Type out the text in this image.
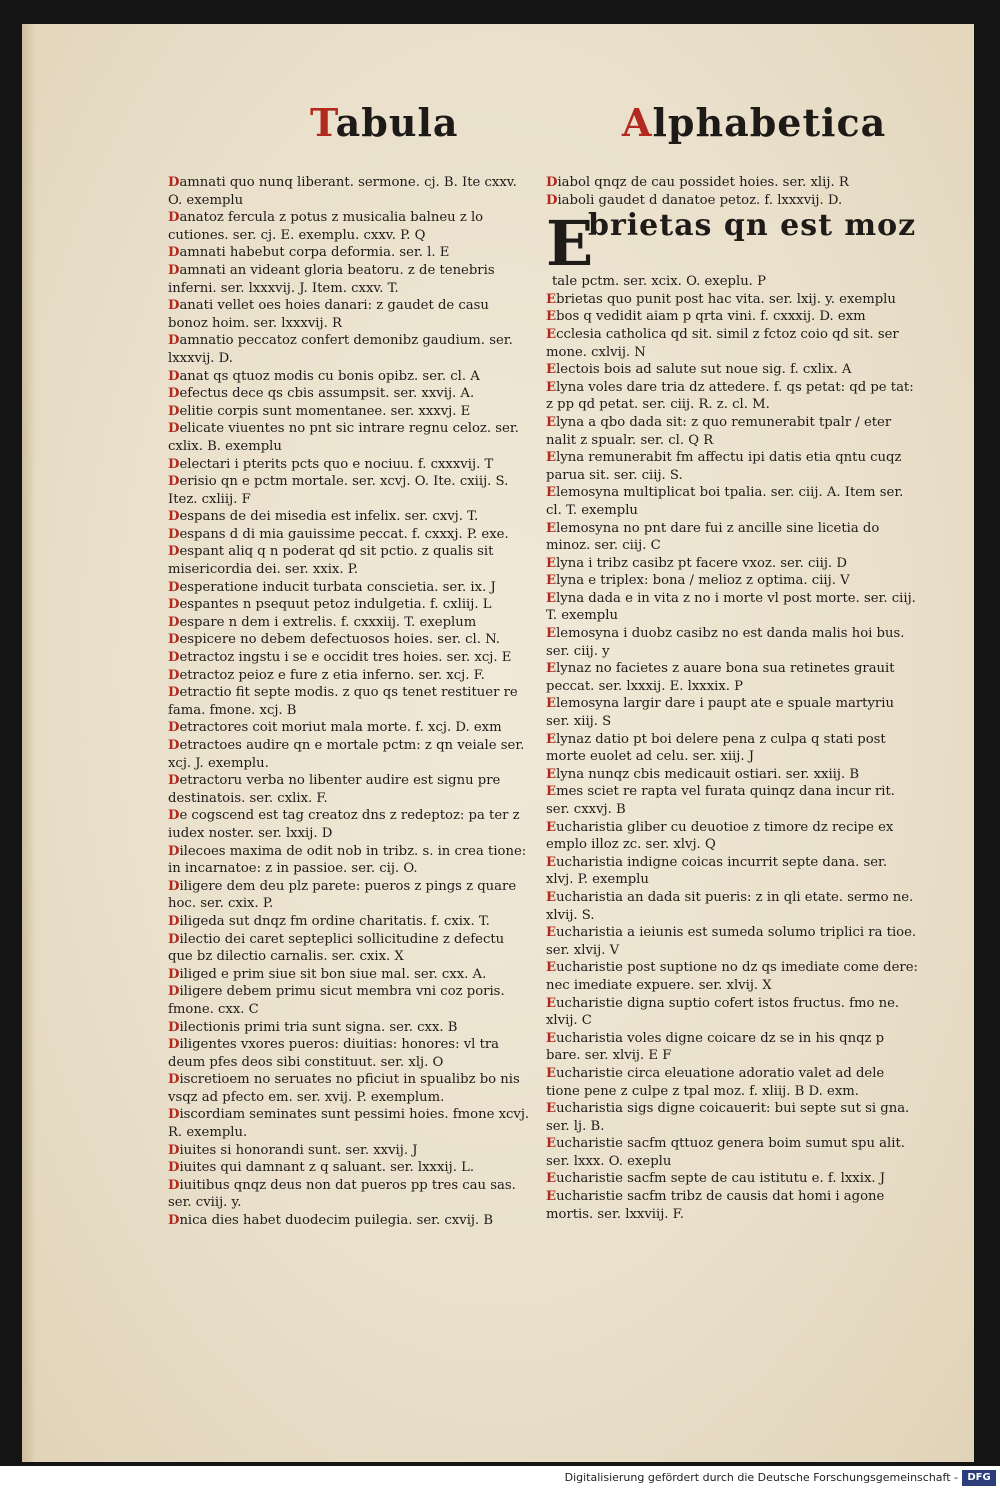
Tabula	Alphabetica
Damnati quo nunq liberant. sermone. cj. B. Ite cxxv. O. exemplu
Danatoz fercula z potus z musicalia balneu z lo cutiones. ser. cj. E. exemplu. cxxv. P. Q
Damnati habebut corpa deformia. ser. l. E
Damnati an videant gloria beatoru. z de tenebris inferni. ser. lxxxvij. J. Item. cxxv. T.
Danati vellet oes hoies danari: z gaudet de casu bonoz hoim. ser. lxxxvij. R
Damnatio peccatoz confert demonibz gaudium. ser. lxxxvij. D.
Danat qs qtuoz modis cu bonis opibz. ser. cl. A
Defectus dece qs cbis assumpsit. ser. xxvij. A.
Delitie corpis sunt momentanee. ser. xxxvj. E
Delicate viuentes no pnt sic intrare regnu celoz. ser. cxlix. B. exemplu
Delectari i pterits pcts quo e nociuu. f. cxxxvij. T
Derisio qn e pctm mortale. ser. xcvj. O. Ite. cxiij. S. Itez. cxliij. F
Despans de dei misedia est infelix. ser. cxvj. T.
Despans d di mia gauissime peccat. f. cxxxj. P. exe.
Despant aliq q n poderat qd sit pctio. z qualis sit misericordia dei. ser. xxix. P.
Desperatione inducit turbata conscietia. ser. ix. J
Despantes n psequut petoz indulgetia. f. cxliij. L
Despare n dem i extrelis. f. cxxxiij. T. exeplum
Despicere no debem defectuosos hoies. ser. cl. N.
Detractoz ingstu i se e occidit tres hoies. ser. xcj. E
Detractoz peioz e fure z etia inferno. ser. xcj. F.
Detractio fit septe modis. z quo qs tenet restituer re fama. fmone. xcj. B
Detractores coit moriut mala morte. f. xcj. D. exm
Detractoes audire qn e mortale pctm: z qn veiale ser. xcj. J. exemplu.
Detractoru verba no libenter audire est signu pre destinatois. ser. cxlix. F.
De cogscend est tag creatoz dns z redeptoz: pa ter z iudex noster. ser. lxxij. D
Dilecoes maxima de odit nob in tribz. s. in crea tione: in incarnatoe: z in passioe. ser. cij. O.
Diligere dem deu plz parete: pueros z pings z quare hoc. ser. cxix. P.
Diligeda sut dnqz fm ordine charitatis. f. cxix. T.
Dilectio dei caret septeplici sollicitudine z defectu que bz dilectio carnalis. ser. cxix. X
Diliged e prim siue sit bon siue mal. ser. cxx. A.
Diligere debem primu sicut membra vni coz poris. fmone. cxx. C
Dilectionis primi tria sunt signa. ser. cxx. B
Diligentes vxores pueros: diuitias: honores: vl tra deum pfes deos sibi constituut. ser. xlj. O
Discretioem no seruates no pficiut in spualibz bo nis vsqz ad pfecto em. ser. xvij. P. exemplum.
Discordiam seminates sunt pessimi hoies. fmone xcvj. R. exemplu.
Diuites si honorandi sunt. ser. xxvij. J
Diuites qui damnant z q saluant. ser. lxxxij. L.
Diuitibus qnqz deus non dat pueros pp tres cau sas. ser. cviij. y.
Dnica dies habet duodecim puilegia. ser. cxvij. B
Diabol qnqz de cau possidet hoies. ser. xlij. R
Diaboli gaudet d danatoe petoz. f. lxxxvij. D.
E
brietas qn est moz
tale pctm. ser. xcix. O. exeplu. P
Ebrietas quo punit post hac vita. ser. lxij. y. exemplu
Ebos q vedidit aiam p qrta vini. f. cxxxij. D. exm
Ecclesia catholica qd sit. simil z fctoz coio qd sit. ser mone. cxlvij. N
Electois bois ad salute sut noue sig. f. cxlix. A
Elyna voles dare tria dz attedere. f. qs petat: qd pe tat: z pp qd petat. ser. ciij. R. z. cl. M.
Elyna a qbo dada sit: z quo remunerabit tpalr / eter nalit z spualr. ser. cl. Q R
Elyna remunerabit fm affectu ipi datis etia qntu cuqz parua sit. ser. ciij. S.
Elemosyna multiplicat boi tpalia. ser. ciij. A. Item ser. cl. T. exemplu
Elemosyna no pnt dare fui z ancille sine licetia do minoz. ser. ciij. C
Elyna i tribz casibz pt facere vxoz. ser. ciij. D
Elyna e triplex: bona / melioz z optima. ciij. V
Elyna dada e in vita z no i morte vl post morte. ser. ciij. T. exemplu
Elemosyna i duobz casibz no est danda malis hoi bus. ser. ciij. y
Elynaz no facietes z auare bona sua retinetes grauit peccat. ser. lxxxij. E. lxxxix. P
Elemosyna largir dare i paupt ate e spuale martyriu ser. xiij. S
Elynaz datio pt boi delere pena z culpa q stati post morte euolet ad celu. ser. xiij. J
Elyna nunqz cbis medicauit ostiari. ser. xxiij. B
Emes sciet re rapta vel furata quinqz dana incur rit. ser. cxxvj. B
Eucharistia gliber cu deuotioe z timore dz recipe ex emplo illoz zc. ser. xlvj. Q
Eucharistia indigne coicas incurrit septe dana. ser. xlvj. P. exemplu
Eucharistia an dada sit pueris: z in qli etate. sermo ne. xlvij. S.
Eucharistia a ieiunis est sumeda solumo triplici ra tioe. ser. xlvij. V
Eucharistie post suptione no dz qs imediate come dere: nec imediate expuere. ser. xlvij. X
Eucharistie digna suptio cofert istos fructus. fmo ne. xlvij. C
Eucharistia voles digne coicare dz se in his qnqz p bare. ser. xlvij. E F
Eucharistie circa eleuatione adoratio valet ad dele tione pene z culpe z tpal moz. f. xliij. B D. exm.
Eucharistia sigs digne coicauerit: bui septe sut si gna. ser. lj. B.
Eucharistie sacfm qttuoz genera boim sumut spu alit. ser. lxxx. O. exeplu
Eucharistie sacfm septe de cau istitutu e. f. lxxix. J
Eucharistie sacfm tribz de causis dat homi i agone mortis. ser. lxxviij. F.
Digitalisierung gefördert durch die Deutsche Forschungsgemeinschaft - DFG
